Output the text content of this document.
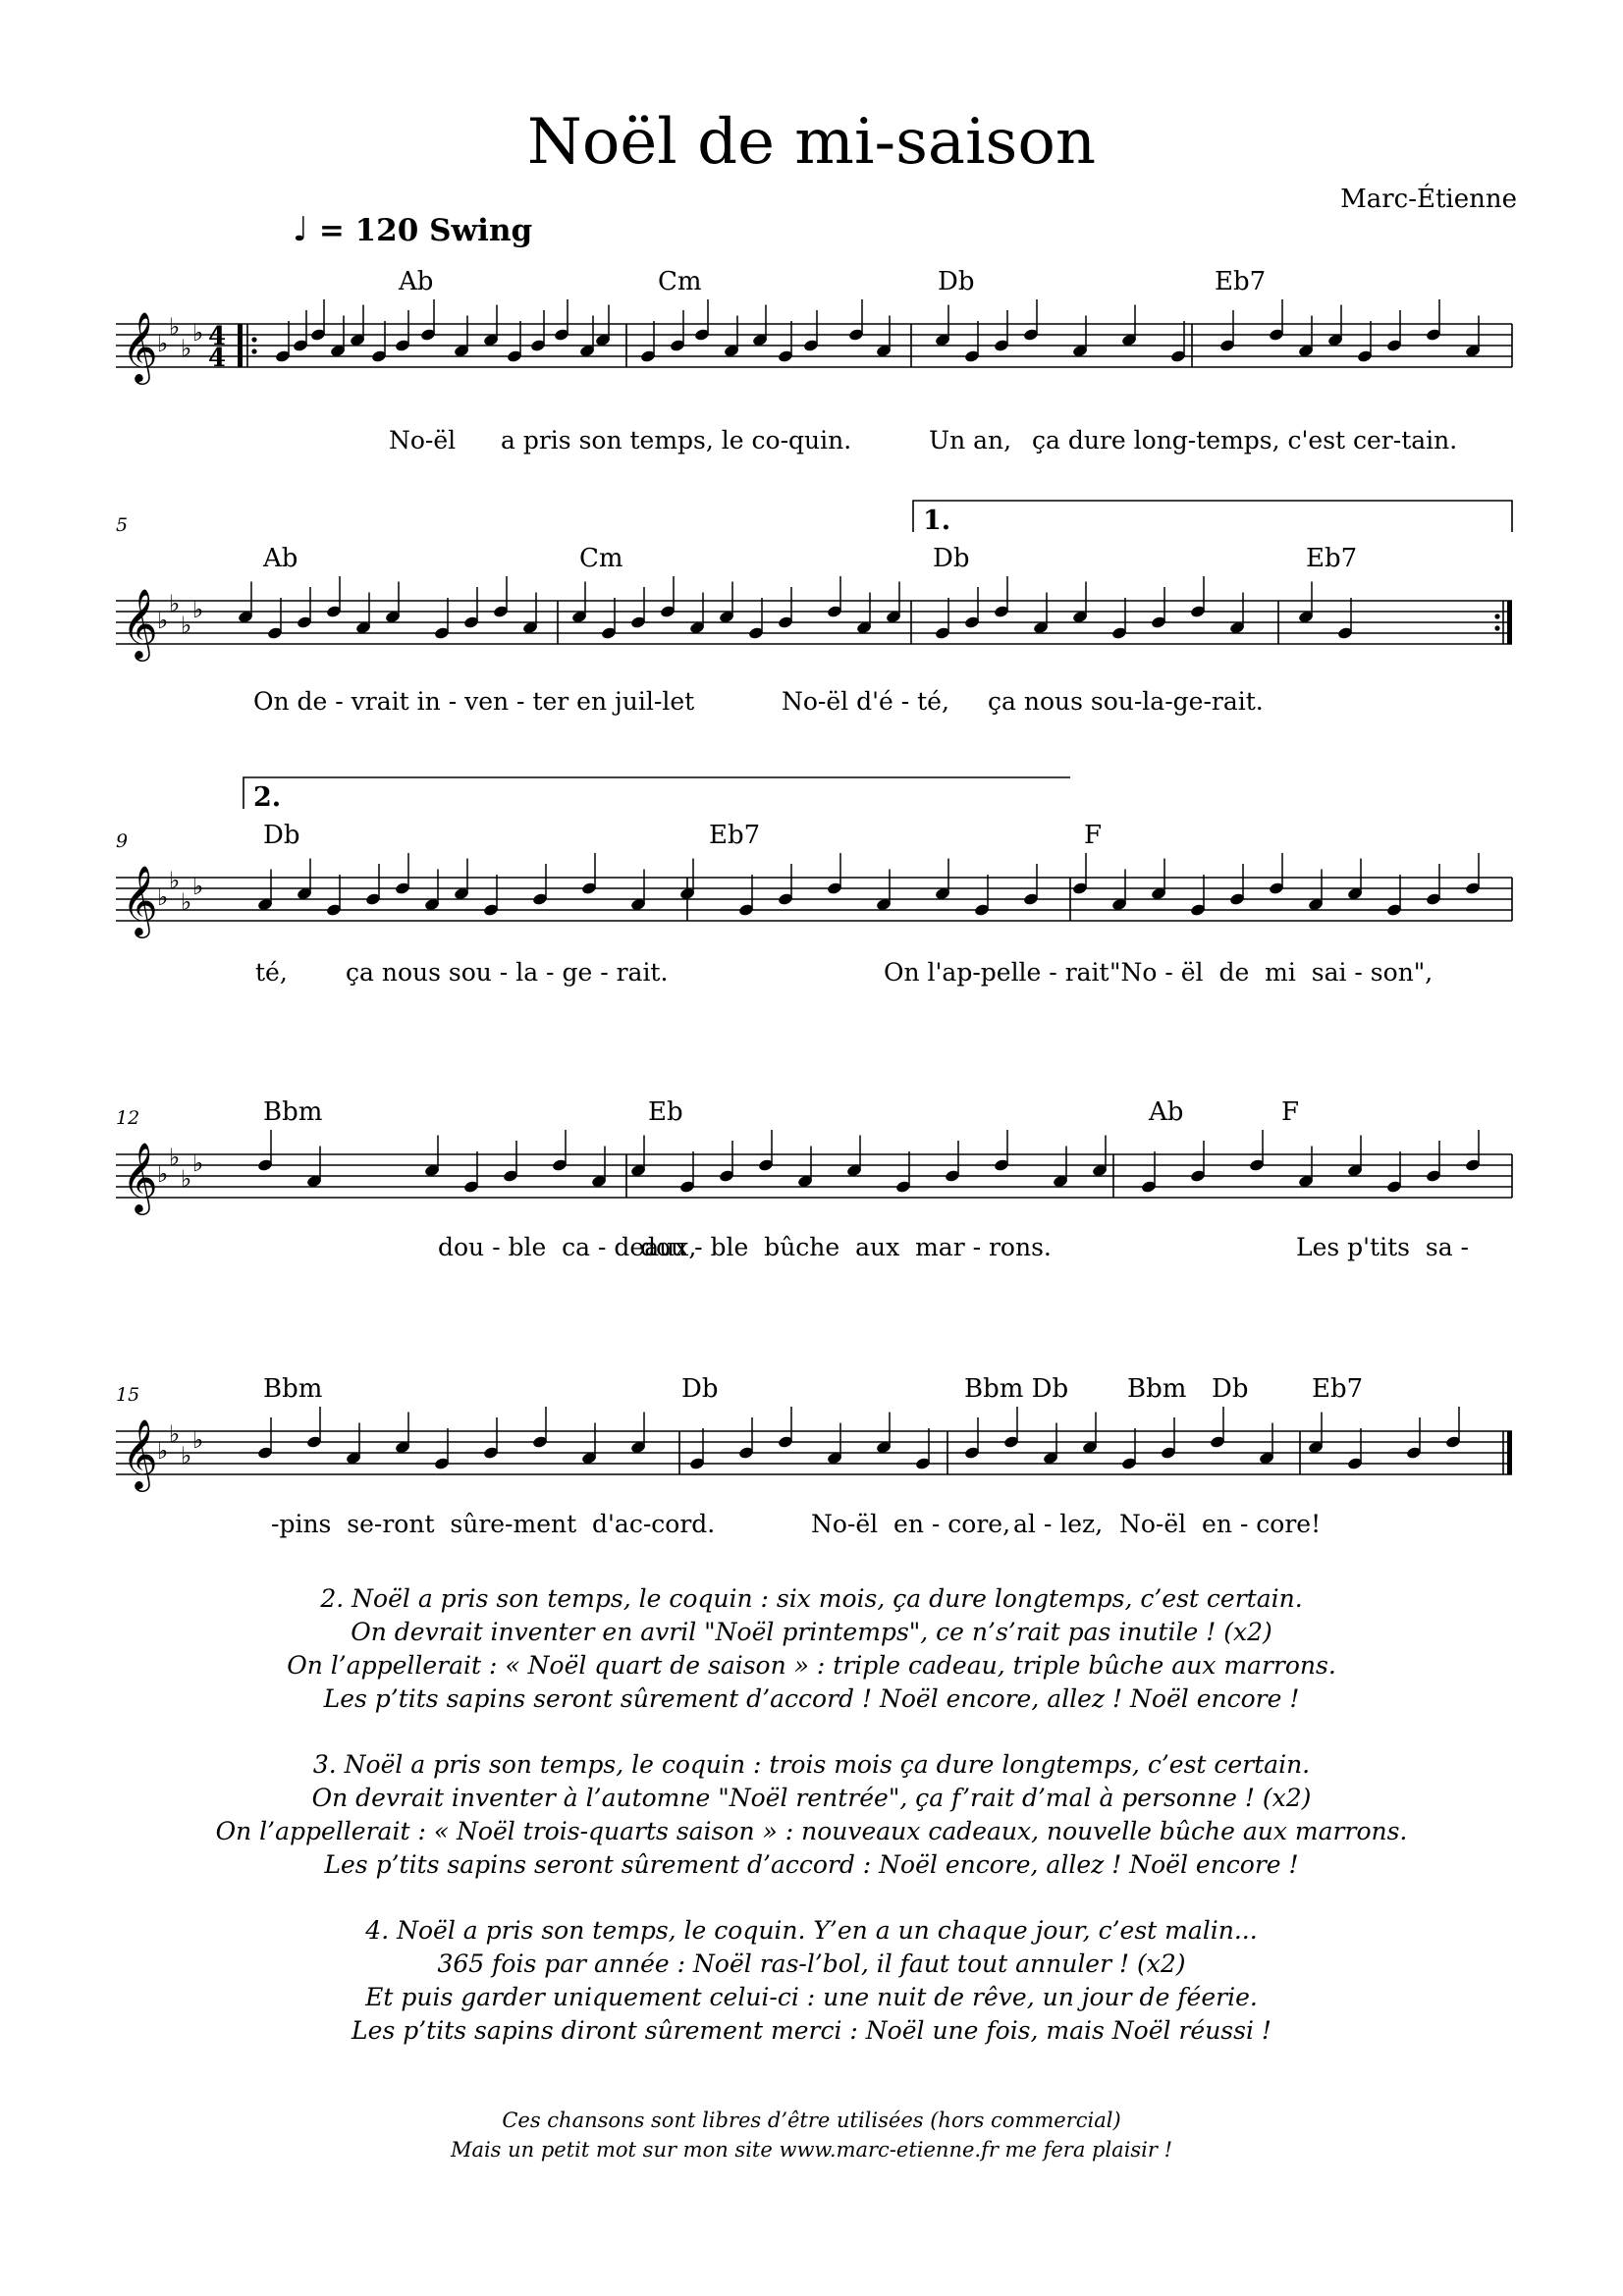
Noël de mi-saison
Marc-Étienne
♩ = 120 Swing
𝄞 ♭
♭
♭
♭ 4
4
𝄞 ♭
♭
♭
♭
𝄞 ♭
♭
♭
♭
𝄞 ♭
♭
♭
♭
𝄞 ♭
♭
♭
♭
Ab	Cm	Db	Eb7
No-ël a pris son temps, le co-quin.	Un an, ça dure long-temps, c'est cer-tain.
5
Ab	Cm	Db	Eb7
1.
On de - vrait in - ven - ter en juil-let	No-ël d'é - té, ça nous sou-la-ge-rait.
9
2.
Db	Eb7	F
té, ça nous sou - la - ge - rait.	On l'ap-pelle - rait "No - ël  de  mi  sai - son",
12	Bbm	Eb	Ab	F
dou - ble  ca - deaux,
dou - ble  bûche  aux  mar - rons.	Les p'tits  sa -
15	Bbm	Db	Bbm Db Bbm Db Eb7
-pins  se-ront  sûre-ment  d'ac-cord.	No-ël  en - core, al - lez, No-ël  en - core!
2. Noël a pris son temps, le coquin : six mois, ça dure longtemps, c’est certain.
On devrait inventer en avril "Noël printemps", ce n’s’rait pas inutile ! (x2)
On l’appellerait : « Noël quart de saison » : triple cadeau, triple bûche aux marrons.
Les p’tits sapins seront sûrement d’accord ! Noël encore, allez ! Noël encore !
3. Noël a pris son temps, le coquin : trois mois ça dure longtemps, c’est certain.
On devrait inventer à l’automne "Noël rentrée", ça f’rait d’mal à personne ! (x2)
On l’appellerait : « Noël trois-quarts saison » : nouveaux cadeaux, nouvelle bûche aux marrons.
Les p’tits sapins seront sûrement d’accord : Noël encore, allez ! Noël encore !
4. Noël a pris son temps, le coquin. Y’en a un chaque jour, c’est malin...
365 fois par année : Noël ras-l’bol, il faut tout annuler ! (x2)
Et puis garder uniquement celui-ci : une nuit de rêve, un jour de féerie.
Les p’tits sapins diront sûrement merci : Noël une fois, mais Noël réussi !
Ces chansons sont libres d’être utilisées (hors commercial)
Mais un petit mot sur mon site www.marc-etienne.fr me fera plaisir !
